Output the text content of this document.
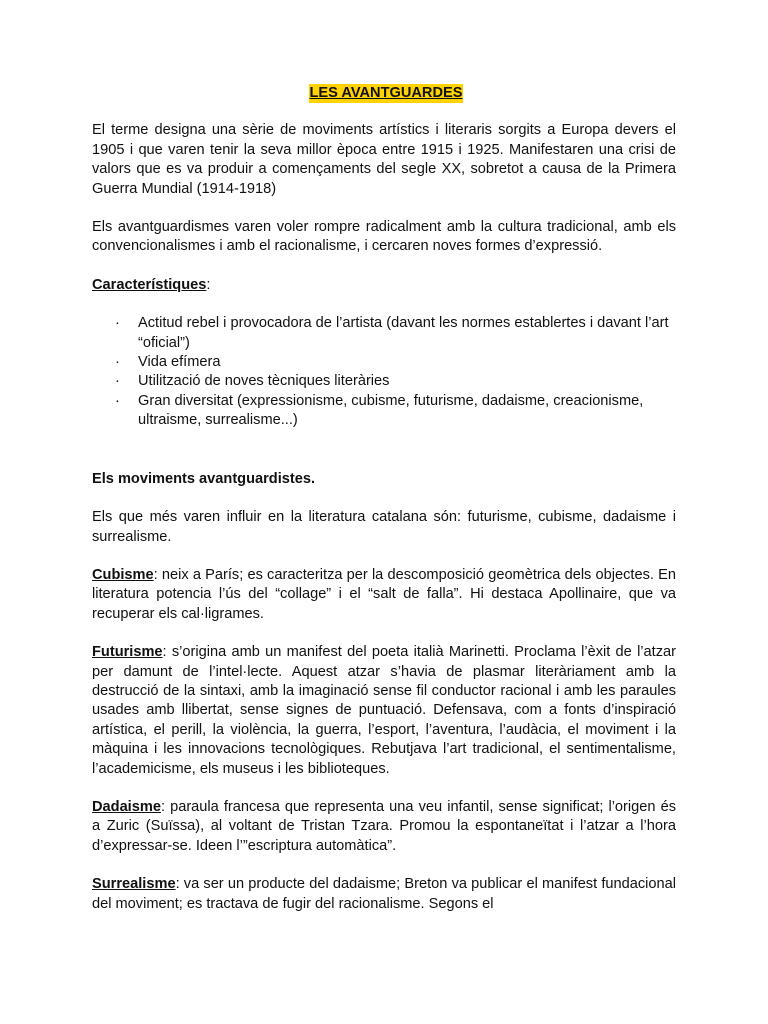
LES AVANTGUARDES

El terme designa una sèrie de moviments artístics i literaris sorgits a Europa devers el 1905 i que varen tenir la seva millor època entre 1915 i 1925. Manifestaren una crisi de valors que es va produir a començaments del segle XX, sobretot a causa de la Primera Guerra Mundial (1914-1918)

Els avantguardismes varen voler rompre radicalment amb la cultura tradicional, amb els convencionalismes i amb el racionalisme, i cercaren noves formes d’expressió.

Característiques:

· Actitud rebel i provocadora de l’artista (davant les normes establertes i davant l’art “oficial”)
· Vida efímera
· Utilització de noves tècniques literàries
· Gran diversitat (expressionisme, cubisme, futurisme, dadaisme, creacionisme, ultraisme, surrealisme...)

Els moviments avantguardistes.

Els que més varen influir en la literatura catalana són: futurisme, cubisme, dadaisme i surrealisme.

Cubisme: neix a París; es caracteritza per la descomposició geomètrica dels objectes. En literatura potencia l’ús del “collage” i el “salt de falla”. Hi destaca Apollinaire, que va recuperar els cal·ligrames.

Futurisme: s’origina amb un manifest del poeta italià Marinetti. Proclama l’èxit de l’atzar per damunt de l’intel·lecte. Aquest atzar s’havia de plasmar literàriament amb la destrucció de la sintaxi, amb la imaginació sense fil conductor racional i amb les paraules usades amb llibertat, sense signes de puntuació. Defensava, com a fonts d’inspiració artística, el perill, la violència, la guerra, l’esport, l’aventura, l’audàcia, el moviment i la màquina i les innovacions tecnològiques. Rebutjava l’art tradicional, el sentimentalisme, l’academicisme, els museus i les biblioteques.

Dadaisme: paraula francesa que representa una veu infantil, sense significat; l’origen és a Zuric (Suïssa), al voltant de Tristan Tzara. Promou la espontaneïtat i l’atzar a l’hora d’expressar-se. Ideen l’”escriptura automàtica”.

Surrealisme: va ser un producte del dadaisme; Breton va publicar el manifest fundacional del moviment; es tractava de fugir del racionalisme. Segons el
